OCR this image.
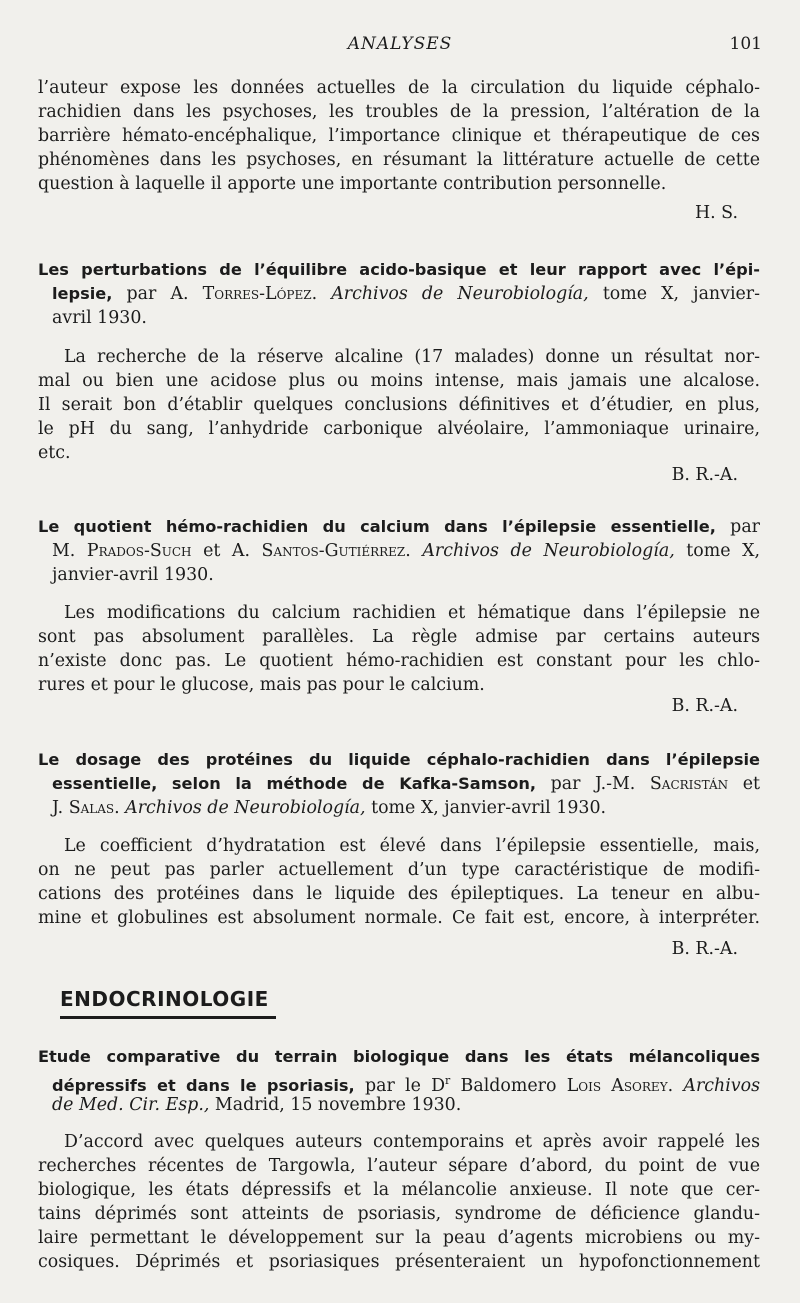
ANALYSES	101
l’auteur expose les données actuelles de la circulation du liquide céphalo-
rachidien dans les psychoses, les troubles de la pression, l’altération de la
barrière hémato-encéphalique, l’importance clinique et thérapeutique de ces
phénomènes dans les psychoses, en résumant la littérature actuelle de cette
question à laquelle il apporte une importante contribution personnelle.
H. S.
Les perturbations de l’équilibre acido-basique et leur rapport avec l’épi-
lepsie, par A. Torres-López. Archivos de Neurobiología, tome X, janvier-
avril 1930.
La recherche de la réserve alcaline (17 malades) donne un résultat nor-
mal ou bien une acidose plus ou moins intense, mais jamais une alcalose.
Il serait bon d’établir quelques conclusions définitives et d’étudier, en plus,
le pH du sang, l’anhydride carbonique alvéolaire, l’ammoniaque urinaire,
etc.
B. R.-A.
Le quotient hémo-rachidien du calcium dans l’épilepsie essentielle, par
M. Prados-Such et A. Santos-Gutiérrez. Archivos de Neurobiología, tome X,
janvier-avril 1930.
Les modifications du calcium rachidien et hématique dans l’épilepsie ne
sont pas absolument parallèles. La règle admise par certains auteurs
n’existe donc pas. Le quotient hémo-rachidien est constant pour les chlo-
rures et pour le glucose, mais pas pour le calcium.
B. R.-A.
Le dosage des protéines du liquide céphalo-rachidien dans l’épilepsie
essentielle, selon la méthode de Kafka-Samson, par J.-M. Sacristán et
J. Salas. Archivos de Neurobiología, tome X, janvier-avril 1930.
Le coefficient d’hydratation est élevé dans l’épilepsie essentielle, mais,
on ne peut pas parler actuellement d’un type caractéristique de modifi-
cations des protéines dans le liquide des épileptiques. La teneur en albu-
mine et globulines est absolument normale. Ce fait est, encore, à interpréter.
B. R.-A.
ENDOCRINOLOGIE
Etude comparative du terrain biologique dans les états mélancoliques
dépressifs et dans le psoriasis, par le $D^r$ Baldomero Lois Asorey. Archivos
de Med. Cir. Esp., Madrid, 15 novembre 1930.
D’accord avec quelques auteurs contemporains et après avoir rappelé les
recherches récentes de Targowla, l’auteur sépare d’abord, du point de vue
biologique, les états dépressifs et la mélancolie anxieuse. Il note que cer-
tains déprimés sont atteints de psoriasis, syndrome de déficience glandu-
laire permettant le développement sur la peau d’agents microbiens ou my-
cosiques. Déprimés et psoriasiques présenteraient un hypofonctionnement
